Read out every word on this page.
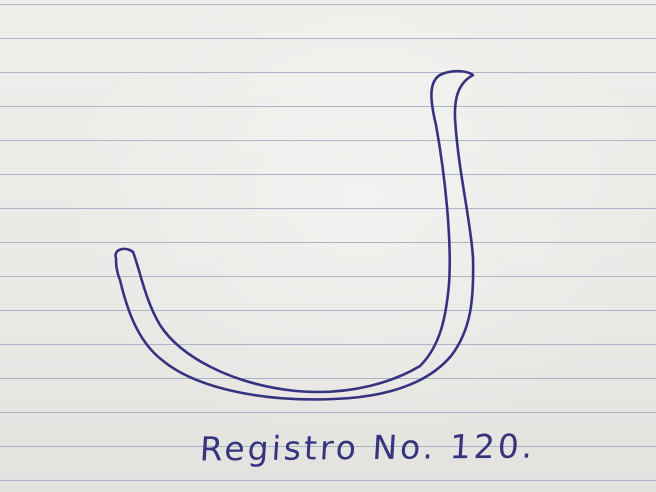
Registro No. 120.
